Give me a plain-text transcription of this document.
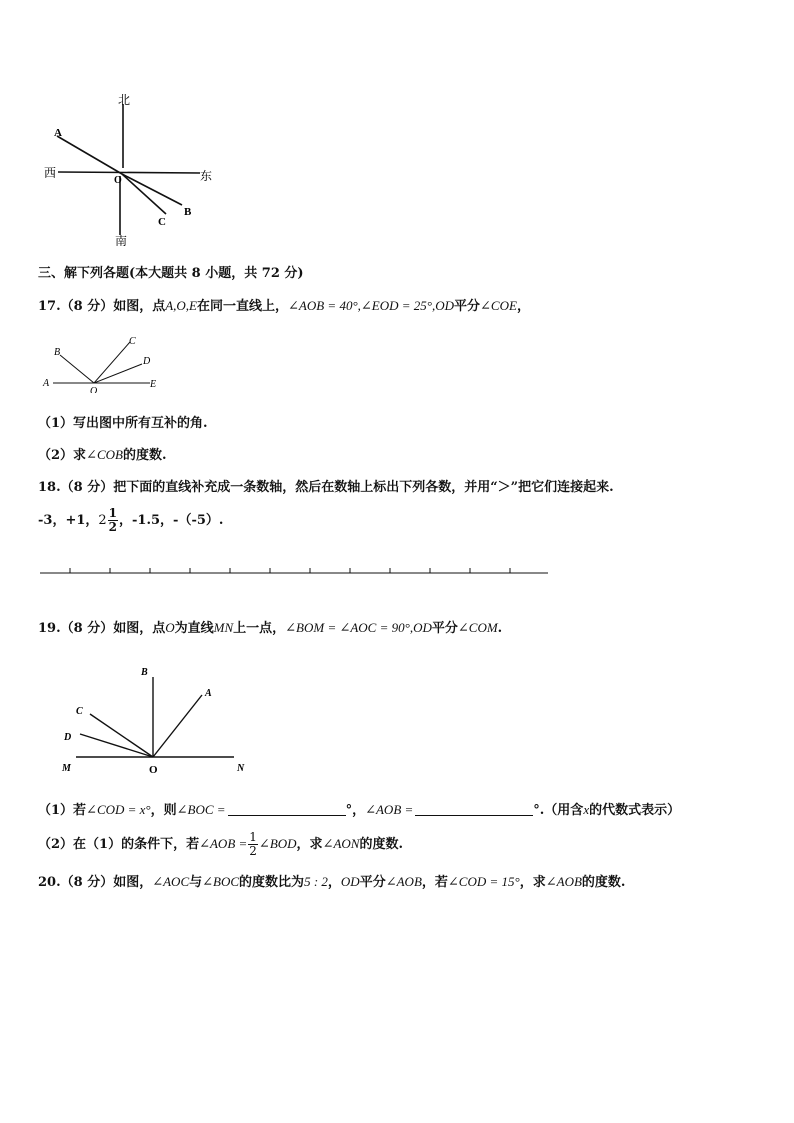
北
南
西	东
A
O
B
C
三、解下列各题(本大题共 8 小题，共 72 分)
17.（8 分）如图，点A,O,E在同一直线上，∠AOB = 40°,∠EOD = 25°,OD平分∠COE，
B
C
D
A
O
E
（1）写出图中所有互补的角.
（2）求∠COB的度数.
18.（8 分）把下面的直线补充成一条数轴，然后在数轴上标出下列各数，并用“＞”把它们连接起来.
-3，+1，$2 \frac{1}{2}$ ，-1.5，-（-5）.
19.（8 分）如图，点O为直线MN上一点，∠BOM = ∠AOC = 90°,OD平分∠COM.
B
A
C
D
M	O	N
（1）若∠COD = x°，则∠BOC =	°，∠AOB =	°.（用含x的代数式表示）
（2）在（1）的条件下，若∠AOB = $\frac{1}{2}$ ∠BOD，求∠AON的度数.
20.（8 分）如图，∠AOC与∠BOC的度数比为5 : 2，OD平分∠AOB，若∠COD = 15°，求∠AOB的度数.
